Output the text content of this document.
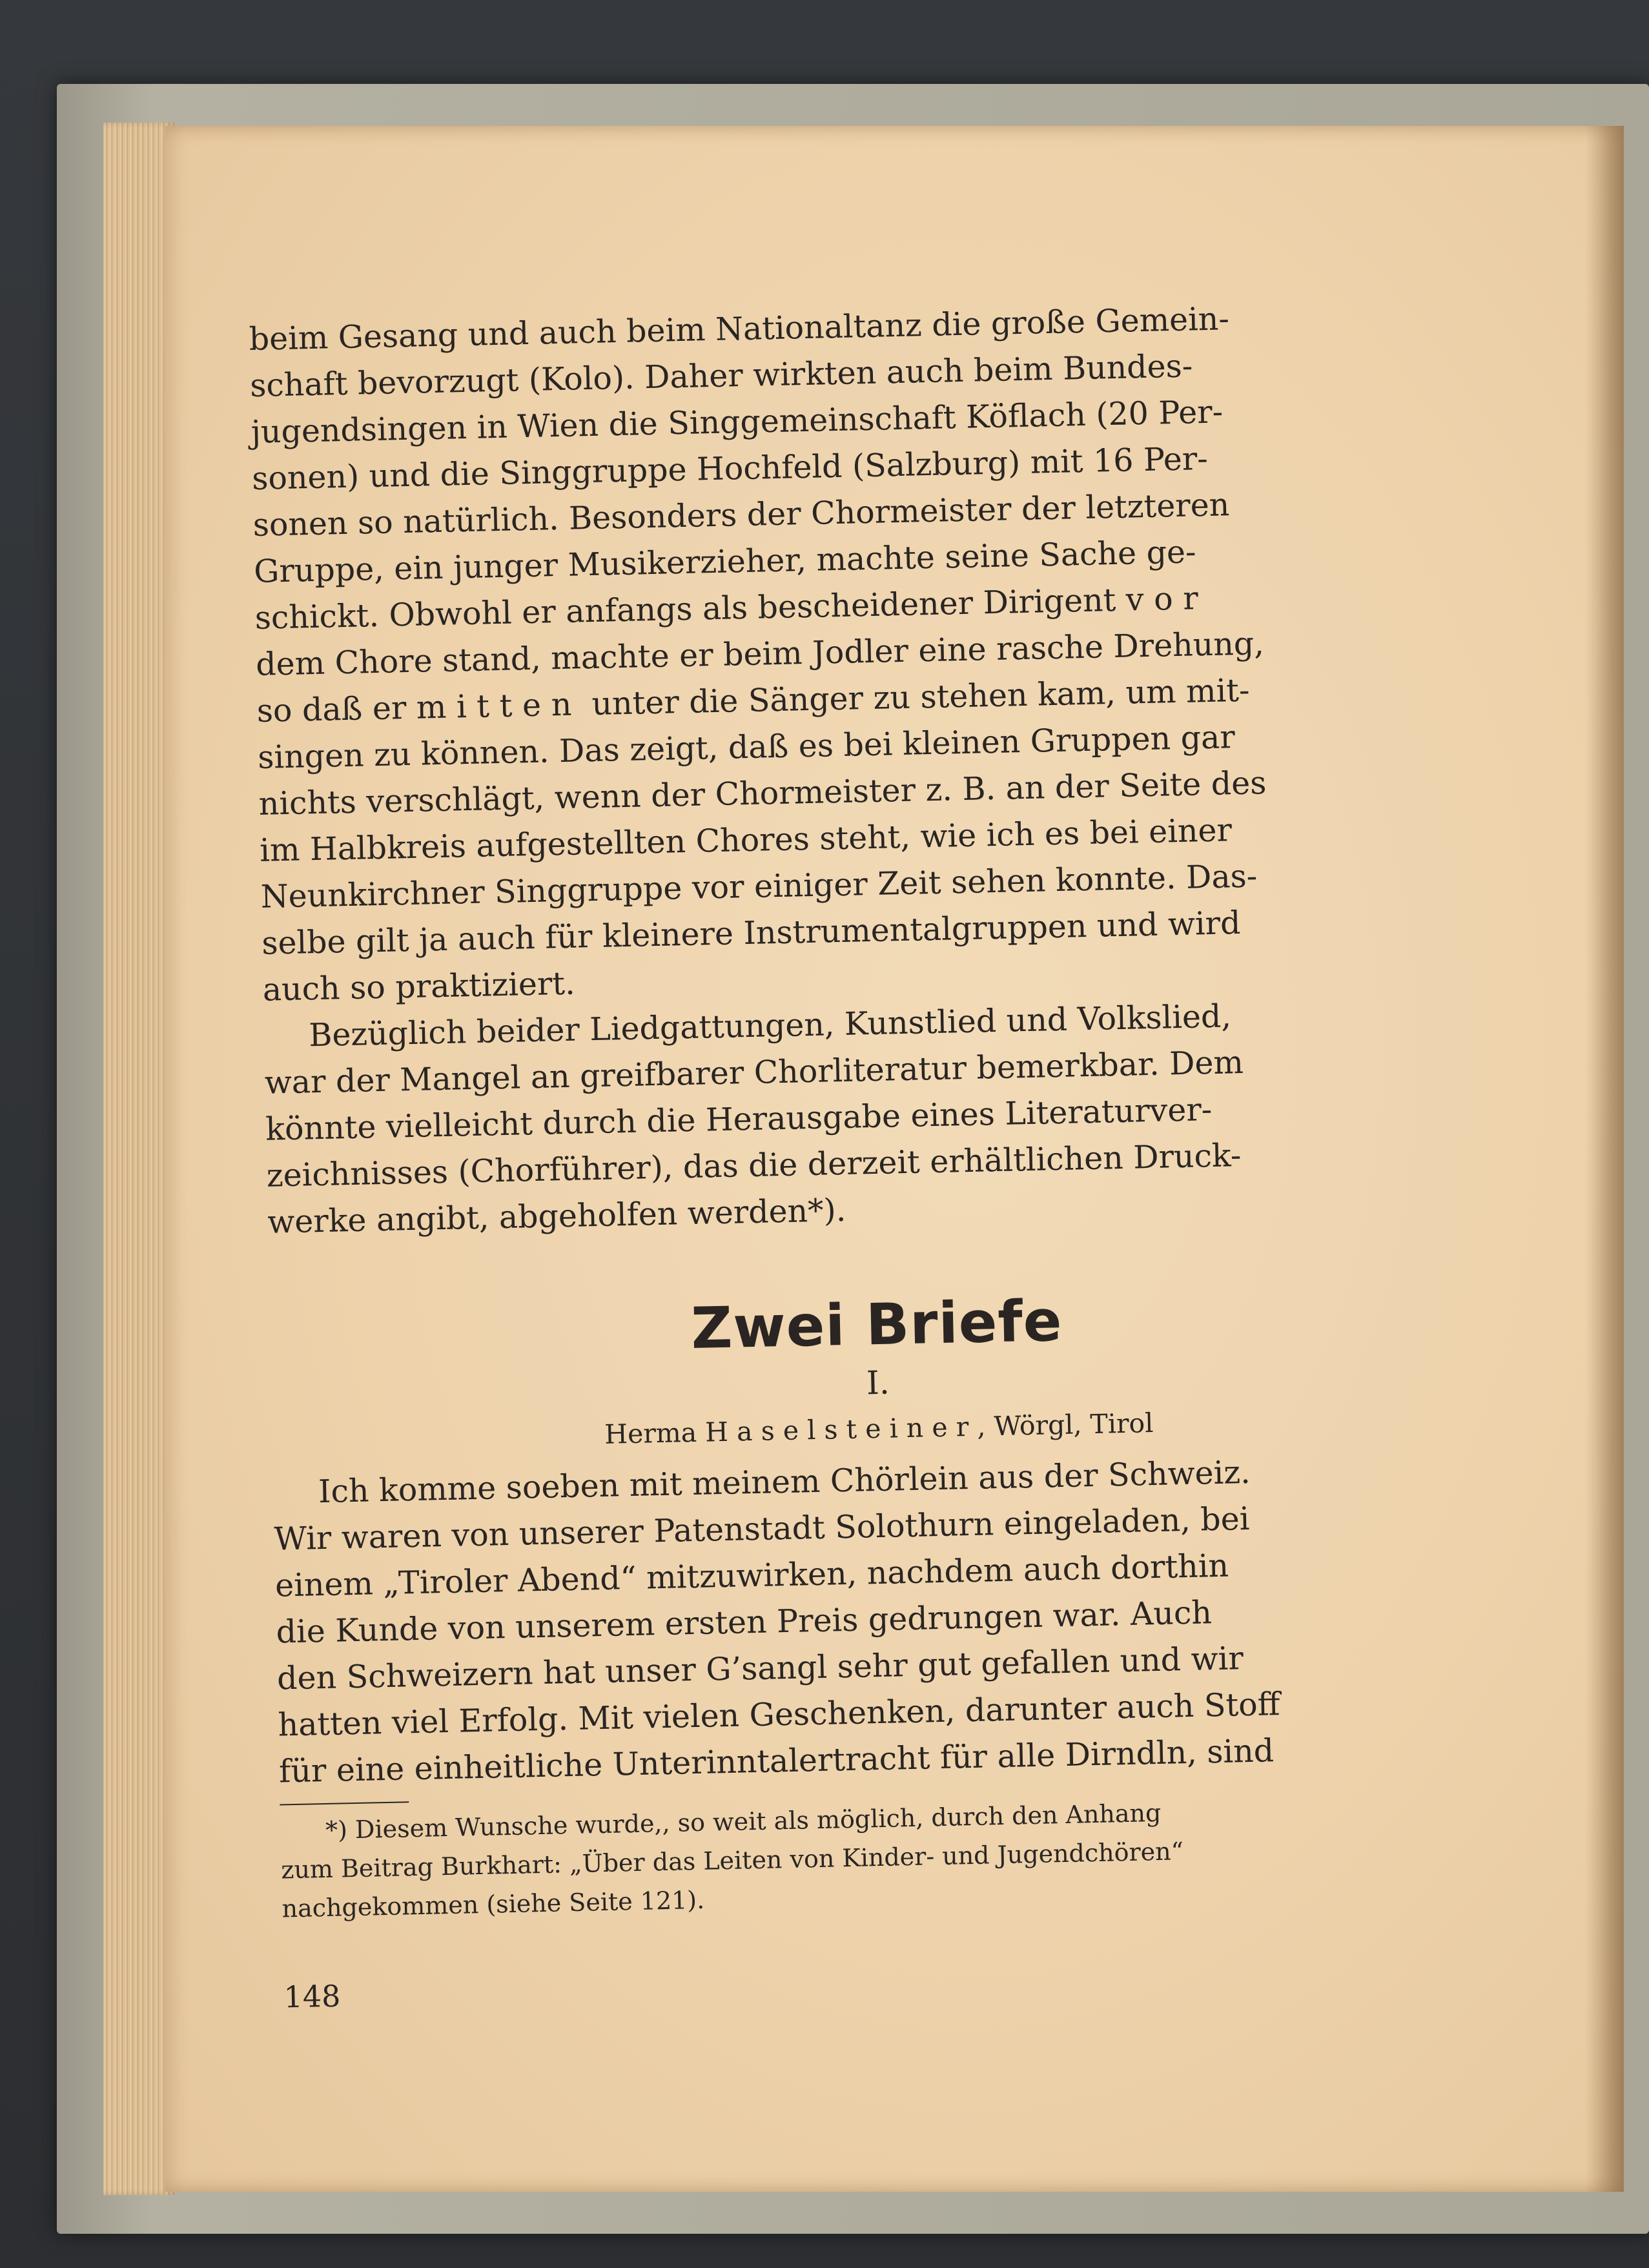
beim Gesang und auch beim Nationaltanz die große Gemein-
schaft bevorzugt (Kolo). Daher wirkten auch beim Bundes-
jugendsingen in Wien die Singgemeinschaft Köflach (20 Per-
sonen) und die Singgruppe Hochfeld (Salzburg) mit 16 Per-
sonen so natürlich. Besonders der Chormeister der letzteren
Gruppe, ein junger Musikerzieher, machte seine Sache ge-
schickt. Obwohl er anfangs als bescheidener Dirigent vor
dem Chore stand, machte er beim Jodler eine rasche Drehung,
so daß er mitten unter die Sänger zu stehen kam, um mit-
singen zu können. Das zeigt, daß es bei kleinen Gruppen gar
nichts verschlägt, wenn der Chormeister z. B. an der Seite des
im Halbkreis aufgestellten Chores steht, wie ich es bei einer
Neunkirchner Singgruppe vor einiger Zeit sehen konnte. Das-
selbe gilt ja auch für kleinere Instrumentalgruppen und wird
auch so praktiziert.
Bezüglich beider Liedgattungen, Kunstlied und Volkslied,
war der Mangel an greifbarer Chorliteratur bemerkbar. Dem
könnte vielleicht durch die Herausgabe eines Literaturver-
zeichnisses (Chorführer), das die derzeit erhältlichen Druck-
werke angibt, abgeholfen werden*).
Zwei Briefe
I.
Herma Haselsteiner, Wörgl, Tirol
Ich komme soeben mit meinem Chörlein aus der Schweiz.
Wir waren von unserer Patenstadt Solothurn eingeladen, bei
einem „Tiroler Abend“ mitzuwirken, nachdem auch dorthin
die Kunde von unserem ersten Preis gedrungen war. Auch
den Schweizern hat unser G’sangl sehr gut gefallen und wir
hatten viel Erfolg. Mit vielen Geschenken, darunter auch Stoff
für eine einheitliche Unterinntalertracht für alle Dirndln, sind
*) Diesem Wunsche wurde,, so weit als möglich, durch den Anhang
zum Beitrag Burkhart: „Über das Leiten von Kinder- und Jugendchören“
nachgekommen (siehe Seite 121).
148
